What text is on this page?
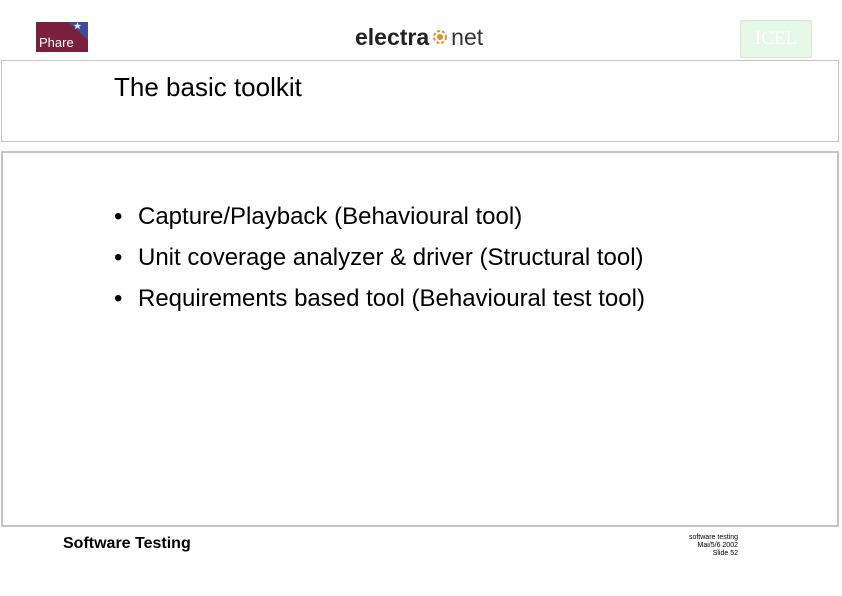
Phare	electra net	ICEL
The basic toolkit
• Capture/Playback (Behavioural tool)
• Unit coverage analyzer & driver (Structural tool)
• Requirements based tool (Behavioural test tool)
Software Testing	software testing
Mai/5/6 2002
Slide 52
